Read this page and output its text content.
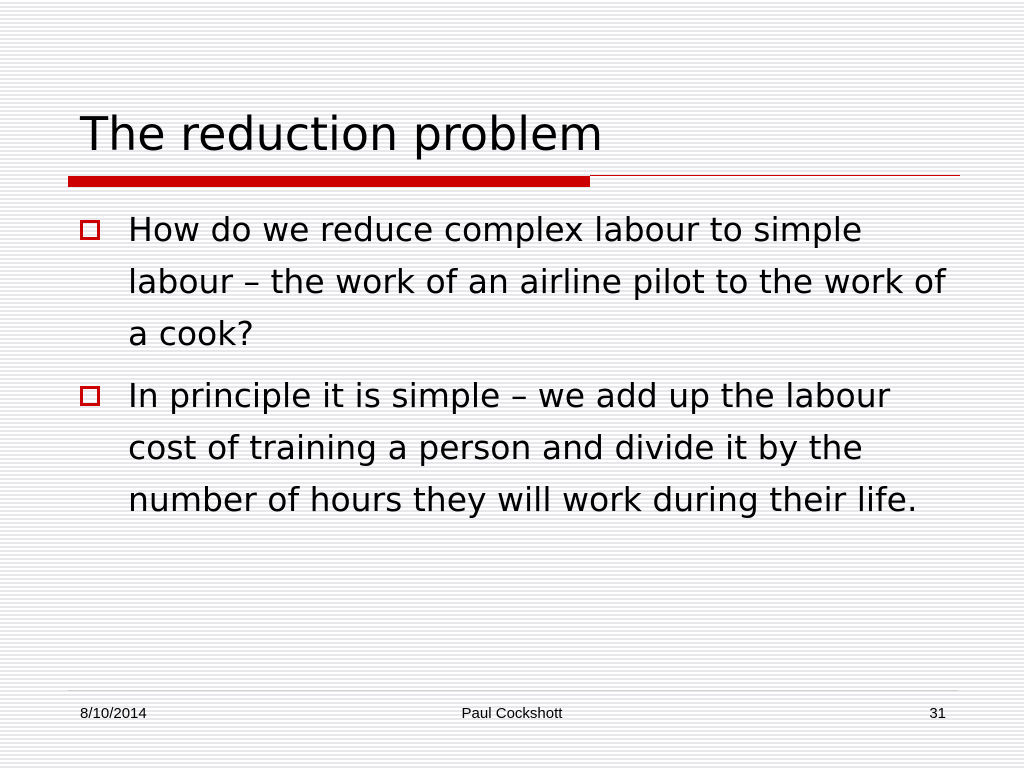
The reduction problem
How do we reduce complex labour to simple labour – the work of an airline pilot to the work of a cook?
In principle it is simple – we add up the labour cost of training a person and divide it by the number of hours they will work during their life.
8/10/2014	Paul Cockshott	31
